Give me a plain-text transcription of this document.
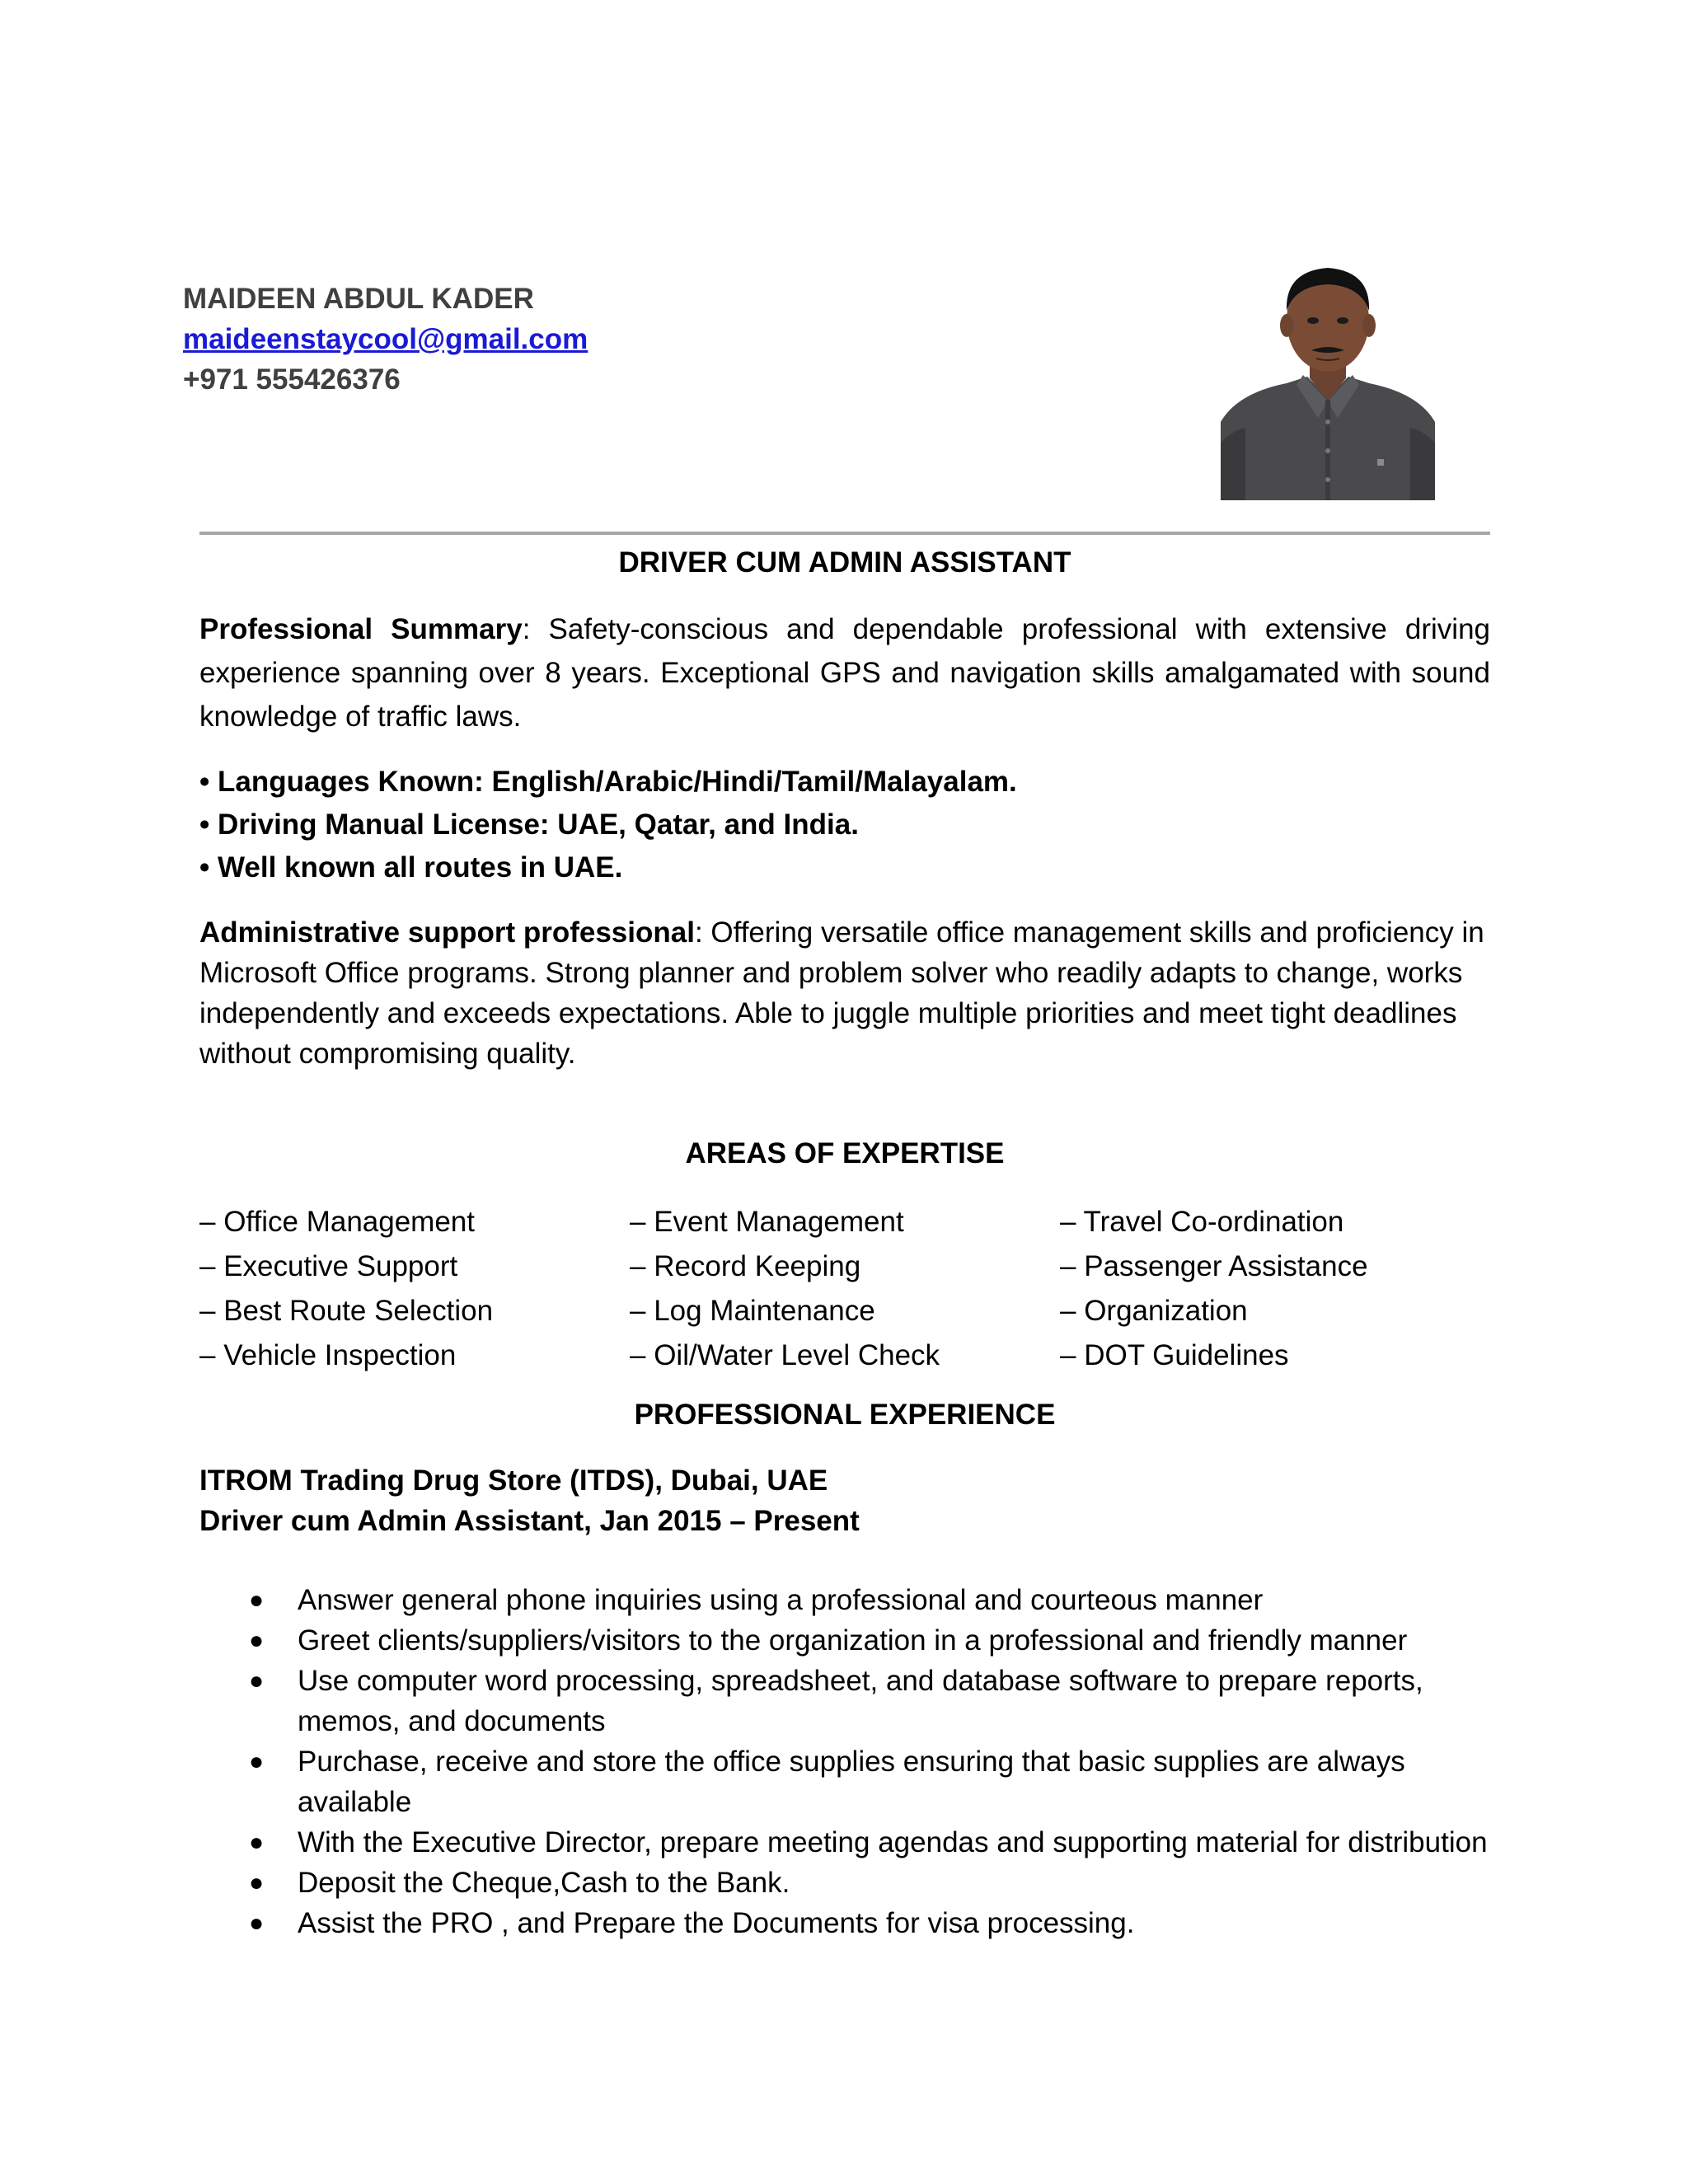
MAIDEEN ABDUL KADER
maideenstaycool@gmail.com
+971 555426376
DRIVER CUM ADMIN ASSISTANT
Professional Summary: Safety-conscious and dependable professional with extensive driving experience spanning over 8 years. Exceptional GPS and navigation skills amalgamated with sound knowledge of traffic laws.
• Languages Known: English/Arabic/Hindi/Tamil/Malayalam.
• Driving Manual License: UAE, Qatar, and India.
• Well known all routes in UAE.
Administrative support professional: Offering versatile office management skills and proficiency in Microsoft Office programs. Strong planner and problem solver who readily adapts to change, works independently and exceeds expectations. Able to juggle multiple priorities and meet tight deadlines without compromising quality.
AREAS OF EXPERTISE
– Office Management	– Event Management	– Travel Co-ordination
– Executive Support	– Record Keeping	– Passenger Assistance
– Best Route Selection	– Log Maintenance	– Organization
– Vehicle Inspection	– Oil/Water Level Check	– DOT Guidelines
PROFESSIONAL EXPERIENCE
ITROM Trading Drug Store (ITDS), Dubai, UAE
Driver cum Admin Assistant, Jan 2015 – Present
● Answer general phone inquiries using a professional and courteous manner
● Greet clients/suppliers/visitors to the organization in a professional and friendly manner
● Use computer word processing, spreadsheet, and database software to prepare reports, memos, and documents
● Purchase, receive and store the office supplies ensuring that basic supplies are always available
● With the Executive Director, prepare meeting agendas and supporting material for distribution
● Deposit the Cheque,Cash to the Bank.
● Assist the PRO , and Prepare the Documents for visa processing.
